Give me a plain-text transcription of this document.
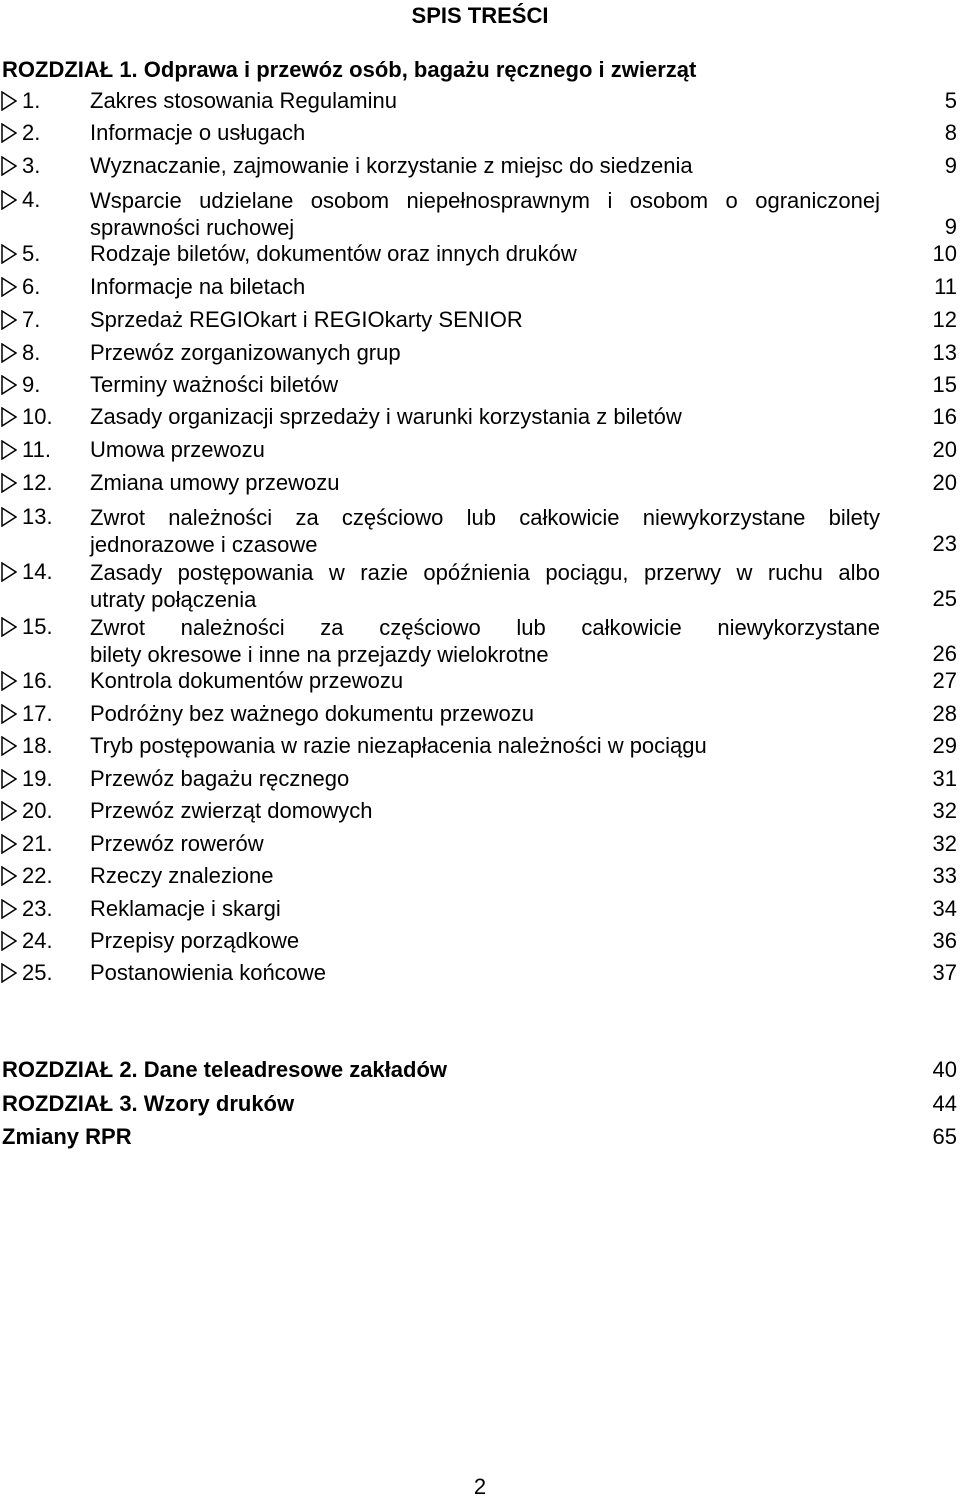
SPIS TREŚCI
ROZDZIAŁ 1. Odprawa i przewóz osób, bagażu ręcznego i zwierząt
1. Zakres stosowania Regulaminu	5
2. Informacje o usługach	8
3. Wyznaczanie, zajmowanie i korzystanie z miejsc do siedzenia	9
4. Wsparcie udzielane osobom niepełnosprawnym i osobom o ograniczonej
sprawności ruchowej	9
5. Rodzaje biletów, dokumentów oraz innych druków	10
6. Informacje na biletach	11
7. Sprzedaż REGIOkart i REGIOkarty SENIOR	12
8. Przewóz zorganizowanych grup	13
9. Terminy ważności biletów	15
10. Zasady organizacji sprzedaży i warunki korzystania z biletów	16
11. Umowa przewozu	20
12. Zmiana umowy przewozu	20
13. Zwrot należności za częściowo lub całkowicie niewykorzystane bilety
jednorazowe i czasowe	23
14. Zasady postępowania w razie opóźnienia pociągu, przerwy w ruchu albo
utraty połączenia	25
15. Zwrot należności za częściowo lub całkowicie niewykorzystane
bilety okresowe i inne na przejazdy wielokrotne	26
16. Kontrola dokumentów przewozu	27
17. Podróżny bez ważnego dokumentu przewozu	28
18. Tryb postępowania w razie niezapłacenia należności w pociągu	29
19. Przewóz bagażu ręcznego	31
20. Przewóz zwierząt domowych	32
21. Przewóz rowerów	32
22. Rzeczy znalezione	33
23. Reklamacje i skargi	34
24. Przepisy porządkowe	36
25. Postanowienia końcowe	37
ROZDZIAŁ 2. Dane teleadresowe zakładów	40
ROZDZIAŁ 3. Wzory druków	44
Zmiany RPR	65
2
